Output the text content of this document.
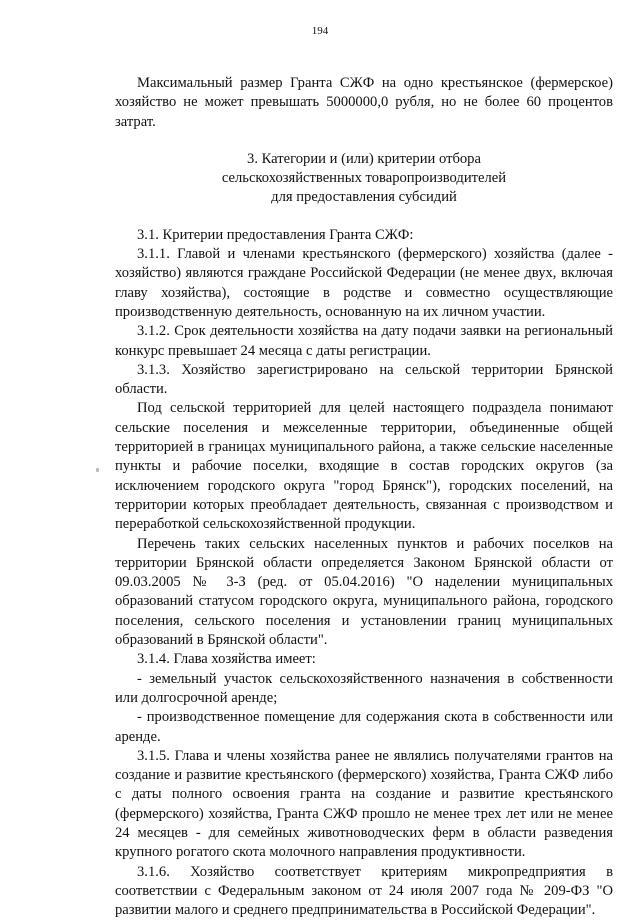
194

Максимальный размер Гранта СЖФ на одно крестьянское (фермерское) хозяйство не может превышать 5000000,0 рубля, но не более 60 процентов затрат.

3. Категории и (или) критерии отбора
сельскохозяйственных товаропроизводителей
для предоставления субсидий

3.1. Критерии предоставления Гранта СЖФ:

3.1.1. Главой и членами крестьянского (фермерского) хозяйства (далее - хозяйство) являются граждане Российской Федерации (не менее двух, включая главу хозяйства), состоящие в родстве и совместно осуществляющие производственную деятельность, основанную на их личном участии.

3.1.2. Срок деятельности хозяйства на дату подачи заявки на региональный конкурс превышает 24 месяца с даты регистрации.

3.1.3. Хозяйство зарегистрировано на сельской территории Брянской области.

Под сельской территорией для целей настоящего подраздела понимают сельские поселения и межселенные территории, объединенные общей территорией в границах муниципального района, а также сельские населенные пункты и рабочие поселки, входящие в состав городских округов (за исключением городского округа "город Брянск"), городских поселений, на территории которых преобладает деятельность, связанная с производством и переработкой сельскохозяйственной продукции.

Перечень таких сельских населенных пунктов и рабочих поселков на территории Брянской области определяется Законом Брянской области от 09.03.2005 № 3-З (ред. от 05.04.2016) "О наделении муниципальных образований статусом городского округа, муниципального района, городского поселения, сельского поселения и установлении границ муниципальных образований в Брянской области".

3.1.4. Глава хозяйства имеет:

- земельный участок сельскохозяйственного назначения в собственности или долгосрочной аренде;

- производственное помещение для содержания скота в собственности или аренде.

3.1.5. Глава и члены хозяйства ранее не являлись получателями грантов на создание и развитие крестьянского (фермерского) хозяйства, Гранта СЖФ либо с даты полного освоения гранта на создание и развитие крестьянского (фермерского) хозяйства, Гранта СЖФ прошло не менее трех лет или не менее 24 месяцев - для семейных животноводческих ферм в области разведения крупного рогатого скота молочного направления продуктивности.

3.1.6. Хозяйство соответствует критериям микропредприятия в соответствии с Федеральным законом от 24 июля 2007 года № 209-ФЗ "О развитии малого и среднего предпринимательства в Российской Федерации".
